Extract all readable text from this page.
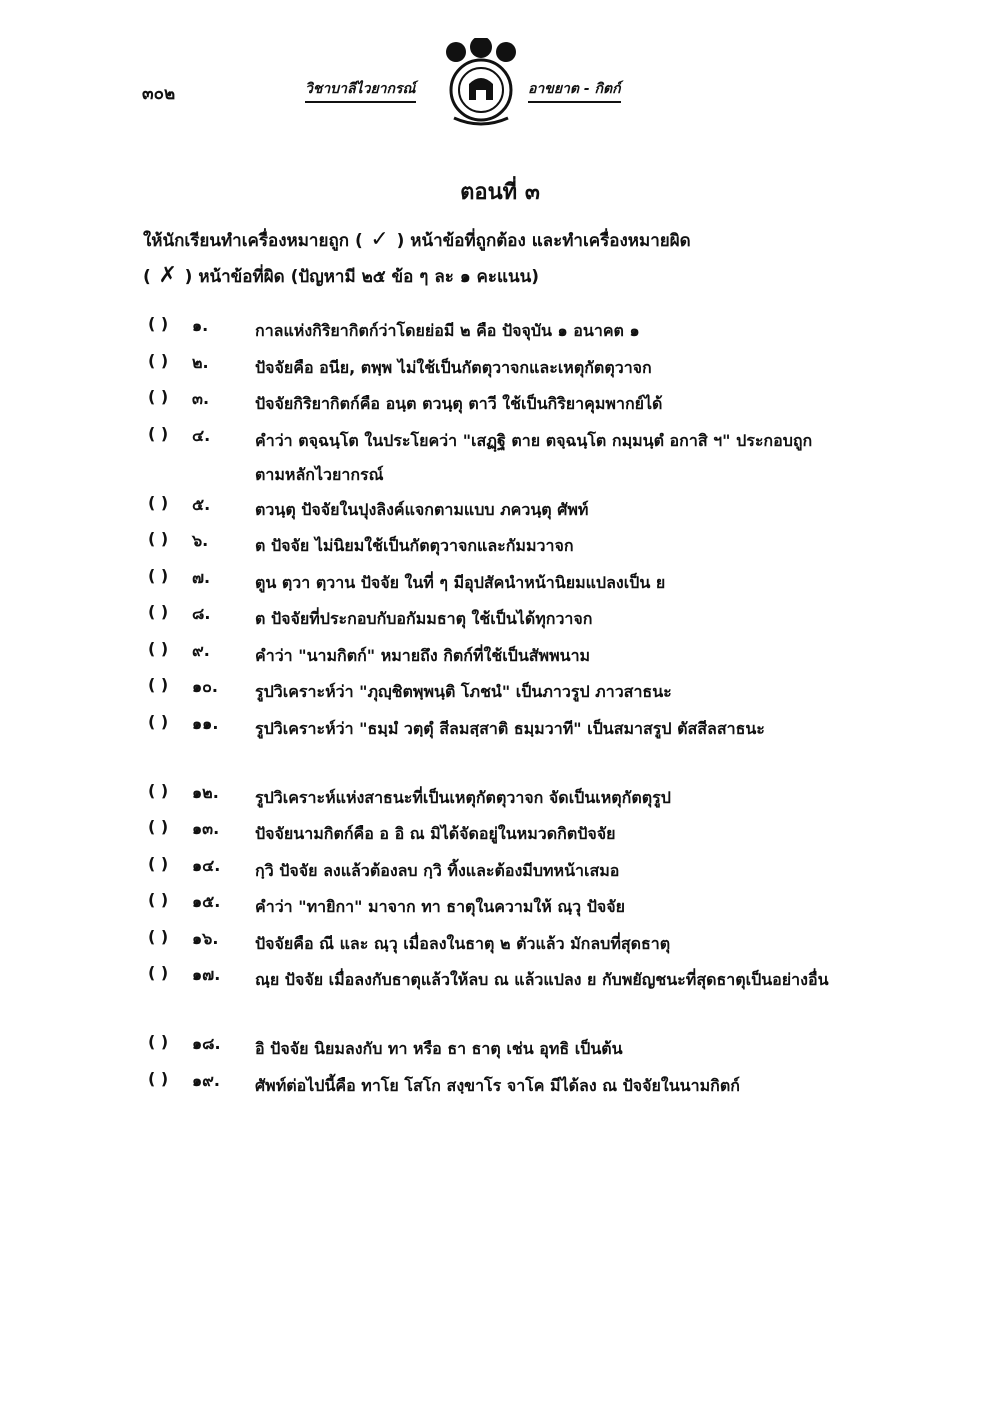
๓๐๒	วิชาบาลีไวยากรณ์	อาขยาต - กิตก์
ตอนที่ ๓
ให้นักเรียนทำเครื่องหมายถูก ( ✓ ) หน้าข้อที่ถูกต้อง และทำเครื่องหมายผิด
( ✗ ) หน้าข้อที่ผิด (ปัญหามี ๒๕ ข้อ ๆ ละ ๑ คะแนน)
( ) ๑.	กาลแห่งกิริยากิตก์ว่าโดยย่อมี ๒ คือ ปัจจุบัน ๑ อนาคต ๑
( ) ๒.	ปัจจัยคือ อนีย, ตพฺพ ไม่ใช้เป็นกัตตุวาจกและเหตุกัตตุวาจก
( ) ๓.	ปัจจัยกิริยากิตก์คือ อนฺต ตวนฺตุ ตาวี ใช้เป็นกิริยาคุมพากย์ได้
( ) ๔.	คำว่า ตจฺฉนฺโต ในประโยคว่า "เสฏฺฐิ ตาย ตจฺฉนฺโต กมฺมนฺตํ อกาสิ ฯ" ประกอบถูกตามหลักไวยากรณ์
( ) ๕.	ตวนฺตุ ปัจจัยในปุงลิงค์แจกตามแบบ ภควนฺตุ ศัพท์
( ) ๖.	ต ปัจจัย ไม่นิยมใช้เป็นกัตตุวาจกและกัมมวาจก
( ) ๗.	ตูน ตฺวา ตฺวาน ปัจจัย ในที่ ๆ มีอุปสัคนำหน้านิยมแปลงเป็น ย
( ) ๘.	ต ปัจจัยที่ประกอบกับอกัมมธาตุ ใช้เป็นได้ทุกวาจก
( ) ๙.	คำว่า "นามกิตก์" หมายถึง กิตก์ที่ใช้เป็นสัพพนาม
( ) ๑๐. รูปวิเคราะห์ว่า "ภุญฺชิตพฺพนฺติ โภชนํ" เป็นภาวรูป ภาวสาธนะ
( ) ๑๑. รูปวิเคราะห์ว่า "ธมฺมํ วตฺตุํ สีลมสฺสาติ ธมฺมวาที" เป็นสมาสรูป ตัสสีลสาธนะ
( ) ๑๒. รูปวิเคราะห์แห่งสาธนะที่เป็นเหตุกัตตุวาจก จัดเป็นเหตุกัตตุรูป
( ) ๑๓. ปัจจัยนามกิตก์คือ อ อิ ณ มิได้จัดอยู่ในหมวดกิตปัจจัย
( ) ๑๔. กฺวิ ปัจจัย ลงแล้วต้องลบ กฺวิ ทิ้งและต้องมีบทหน้าเสมอ
( ) ๑๕. คำว่า "ทายิกา" มาจาก ทา ธาตุในความให้ ณฺวุ ปัจจัย
( ) ๑๖. ปัจจัยคือ ณี และ ณฺวุ เมื่อลงในธาตุ ๒ ตัวแล้ว มักลบที่สุดธาตุ
( ) ๑๗. ณฺย ปัจจัย เมื่อลงกับธาตุแล้วให้ลบ ณ แล้วแปลง ย กับพยัญชนะที่สุดธาตุเป็นอย่างอื่น
( ) ๑๘. อิ ปัจจัย นิยมลงกับ ทา หรือ ธา ธาตุ เช่น อุทธิ เป็นต้น
( ) ๑๙. ศัพท์ต่อไปนี้คือ ทาโย โสโก สงฺขาโร จาโค มีได้ลง ณ ปัจจัยในนามกิตก์
